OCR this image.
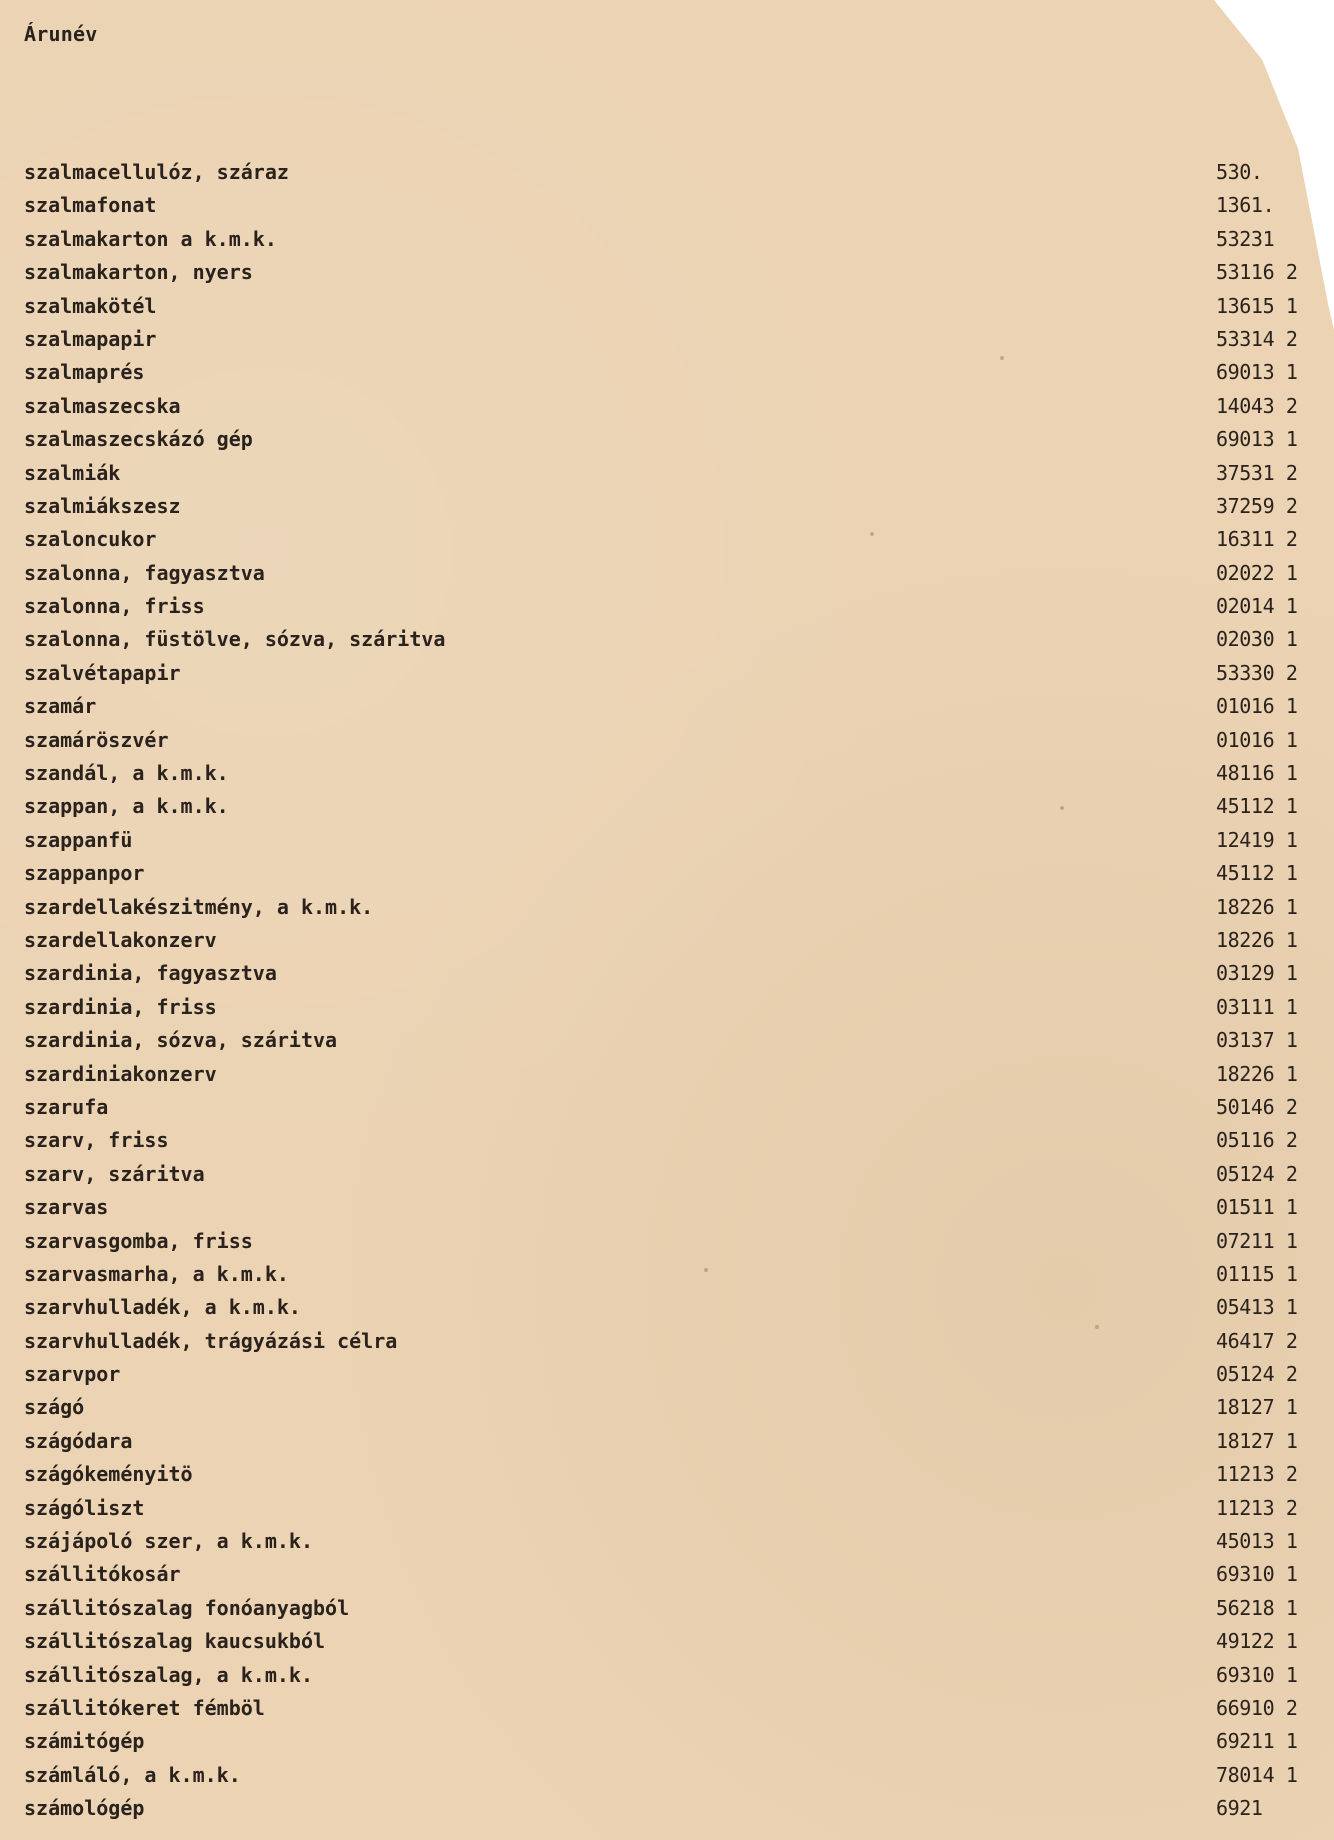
Árunév
szalmacellulóz, száraz	530.
szalmafonat	1361.
szalmakarton a k.m.k.	53231
szalmakarton, nyers	53116 2
szalmakötél	13615 1
szalmapapir	53314 2
szalmaprés	69013 1
szalmaszecska	14043 2
szalmaszecskázó gép	69013 1
szalmiák	37531 2
szalmiákszesz	37259 2
szaloncukor	16311 2
szalonna, fagyasztva	02022 1
szalonna, friss	02014 1
szalonna, füstölve, sózva, száritva	02030 1
szalvétapapir	53330 2
szamár	01016 1
szamáröszvér	01016 1
szandál, a k.m.k.	48116 1
szappan, a k.m.k.	45112 1
szappanfü	12419 1
szappanpor	45112 1
szardellakészitmény, a k.m.k.	18226 1
szardellakonzerv	18226 1
szardinia, fagyasztva	03129 1
szardinia, friss	03111 1
szardinia, sózva, száritva	03137 1
szardiniakonzerv	18226 1
szarufa	50146 2
szarv, friss	05116 2
szarv, száritva	05124 2
szarvas	01511 1
szarvasgomba, friss	07211 1
szarvasmarha, a k.m.k.	01115 1
szarvhulladék, a k.m.k.	05413 1
szarvhulladék, trágyázási célra	46417 2
szarvpor	05124 2
szágó	18127 1
szágódara	18127 1
szágókeményitö	11213 2
szágóliszt	11213 2
szájápoló szer, a k.m.k.	45013 1
szállitókosár	69310 1
szállitószalag fonóanyagból	56218 1
szállitószalag kaucsukból	49122 1
szállitószalag, a k.m.k.	69310 1
szállitókeret fémböl	66910 2
számitógép	69211 1
számláló, a k.m.k.	78014 1
számológép	6921
